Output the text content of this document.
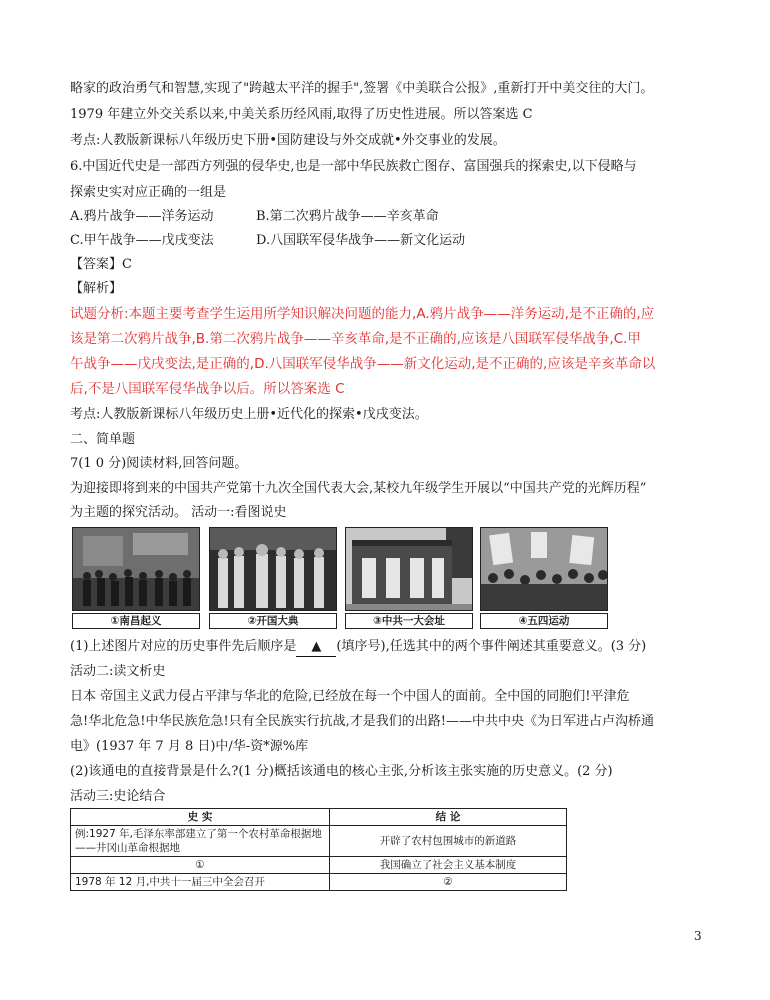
略家的政治勇气和智慧,实现了"跨越太平洋的握手",签署《中美联合公报》,重新打开中美交往的大门。
1979 年建立外交关系以来,中美关系历经风雨,取得了历史性进展。所以答案选 C
考点:人教版新课标八年级历史下册•国防建设与外交成就•外交事业的发展。
6.中国近代史是一部西方列强的侵华史,也是一部中华民族救亡图存、富国强兵的探索史,以下侵略与
探索史实对应正确的一组是
A.鸦片战争——洋务运动	B.第二次鸦片战争——辛亥革命
C.甲午战争——戊戌变法	D.八国联军侵华战争——新文化运动
【答案】C
【解析】
试题分析:本题主要考查学生运用所学知识解决问题的能力,A.鸦片战争——洋务运动,是不正确的,应
该是第二次鸦片战争,B.第二次鸦片战争——辛亥革命,是不正确的,应该是八国联军侵华战争,C.甲
午战争——戊戌变法,是正确的,D.八国联军侵华战争——新文化运动,是不正确的,应该是辛亥革命以
后,不是八国联军侵华战争以后。所以答案选 C
考点:人教版新课标八年级历史上册•近代化的探索•戊戌变法。
二、简单题
7(1 0 分)阅读材料,回答问题。
为迎接即将到来的中国共产党第十九次全国代表大会,某校九年级学生开展以“中国共产党的光辉历程”
为主题的探究活动。 活动一:看图说史
①南昌起义	②开国大典	③中共一大会址	④五四运动
(1)上述图片对应的历史事件先后顺序是 ▲ (填序号),任选其中的两个事件阐述其重要意义。(3 分)
活动二:读文析史
日本 帝国主义武力侵占平津与华北的危险,已经放在每一个中国人的面前。全中国的同胞们!平津危
急!华北危急!中华民族危急!只有全民族实行抗战,才是我们的出路!——中共中央《为日军进占卢沟桥通
电》(1937 年 7 月 8 日)中/华-资*源%库
(2)该通电的直接背景是什么?(1 分)概括该通电的核心主张,分析该主张实施的历史意义。(2 分)
活动三:史论结合
史 实	结 论
例:1927 年,毛泽东率部建立了第一个农村革命根据地——井冈山革命根据地	开辟了农村包围城市的新道路
①	我国确立了社会主义基本制度
1978 年 12 月,中共十一届三中全会召开	②
3
